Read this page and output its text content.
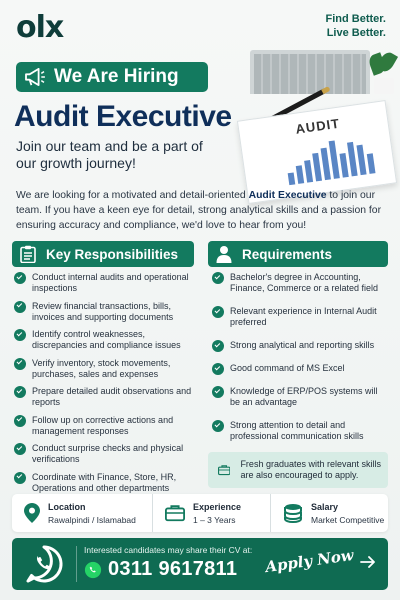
olx	Find Better.
Live Better.
AUDIT
We Are Hiring
Audit Executive
Join our team and be a part of our growth journey!

We are looking for a motivated and detail-oriented Audit Executive to join our team. If you have a keen eye for detail, strong analytical skills and a passion for ensuring accuracy and compliance, we'd love to hear from you!

Key Responsibilities
Conduct internal audits and operational inspections
Review financial transactions, bills, invoices and supporting documents
Identify control weaknesses, discrepancies and compliance issues
Verify inventory, stock movements, purchases, sales and expenses
Prepare detailed audit observations and reports
Follow up on corrective actions and management responses
Conduct surprise checks and physical verifications
Coordinate with Finance, Store, HR, Operations and other departments
Requirements
Bachelor's degree in Accounting, Finance, Commerce or a related field
Relevant experience in Internal Audit preferred
Strong analytical and reporting skills
Good command of MS Excel
Knowledge of ERP/POS systems will be an advantage
Strong attention to detail and professional communication skills
Fresh graduates with relevant skills are also encouraged to apply.
Location
Rawalpindi / Islamabad
Experience
1 – 3 Years
Salary
Market Competitive
Interested candidates may share their CV at:
0311 9617811 Apply Now
